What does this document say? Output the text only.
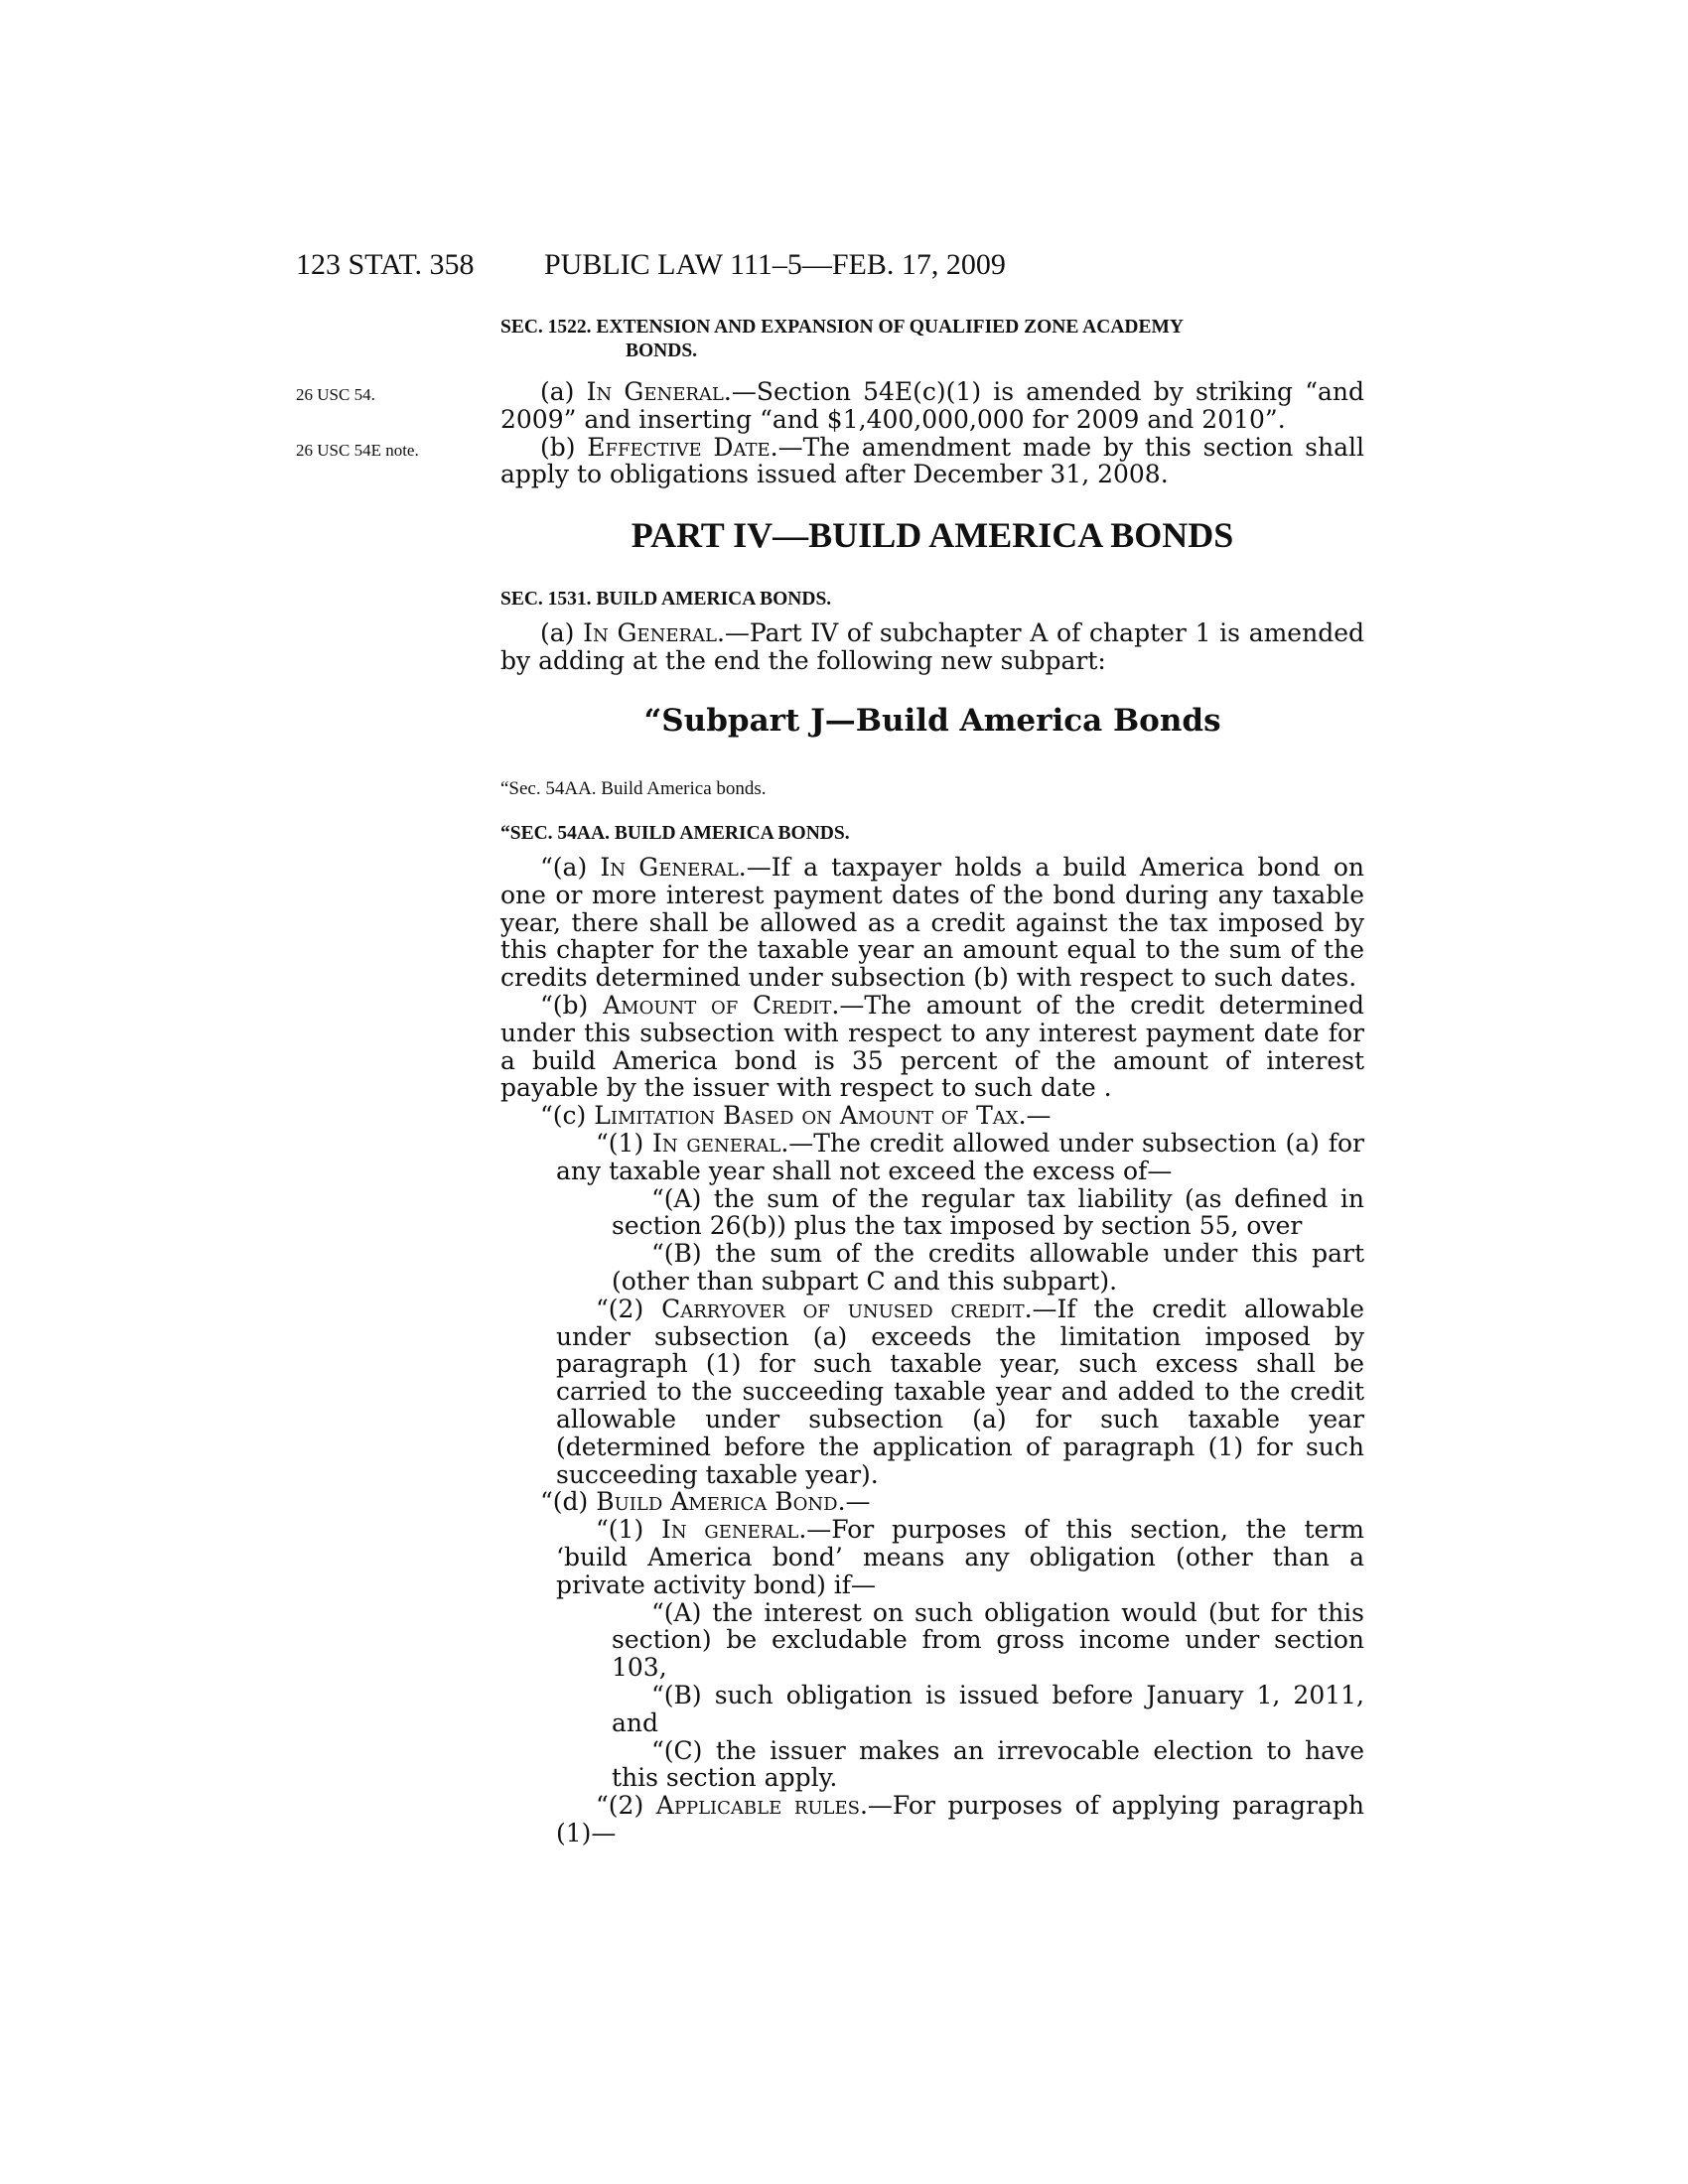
123 STAT. 358 PUBLIC LAW 111–5—FEB. 17, 2009
SEC. 1522. EXTENSION AND EXPANSION OF QUALIFIED ZONE ACADEMY
BONDS.
26 USC 54.
26 USC 54E note.

(a) In General.—Section 54E(c)(1) is amended by striking “and 2009” and inserting “and $1,400,000,000 for 2009 and 2010”.

(b) Effective Date.—The amendment made by this section shall apply to obligations issued after December 31, 2008.

PART IV—BUILD AMERICA BONDS
SEC. 1531. BUILD AMERICA BONDS.

(a) In General.—Part IV of subchapter A of chapter 1 is amended by adding at the end the following new subpart:

“Subpart J—Build America Bonds
“Sec. 54AA. Build America bonds.
“SEC. 54AA. BUILD AMERICA BONDS.

“(a) In General.—If a taxpayer holds a build America bond on one or more interest payment dates of the bond during any taxable year, there shall be allowed as a credit against the tax imposed by this chapter for the taxable year an amount equal to the sum of the credits determined under subsection (b) with respect to such dates.

“(b) Amount of Credit.—The amount of the credit determined under this subsection with respect to any interest payment date for a build America bond is 35 percent of the amount of interest payable by the issuer with respect to such date .

“(c) Limitation Based on Amount of Tax.—

“(1) In general.—The credit allowed under subsection (a) for any taxable year shall not exceed the excess of—

“(A) the sum of the regular tax liability (as defined in section 26(b)) plus the tax imposed by section 55, over

“(B) the sum of the credits allowable under this part (other than subpart C and this subpart).

“(2) Carryover of unused credit.—If the credit allowable under subsection (a) exceeds the limitation imposed by paragraph (1) for such taxable year, such excess shall be carried to the succeeding taxable year and added to the credit allowable under subsection (a) for such taxable year (determined before the application of paragraph (1) for such succeeding taxable year).

“(d) Build America Bond.—

“(1) In general.—For purposes of this section, the term ‘build America bond’ means any obligation (other than a private activity bond) if—

“(A) the interest on such obligation would (but for this section) be excludable from gross income under section 103,

“(B) such obligation is issued before January 1, 2011, and

“(C) the issuer makes an irrevocable election to have this section apply.

“(2) Applicable rules.—For purposes of applying paragraph (1)—
